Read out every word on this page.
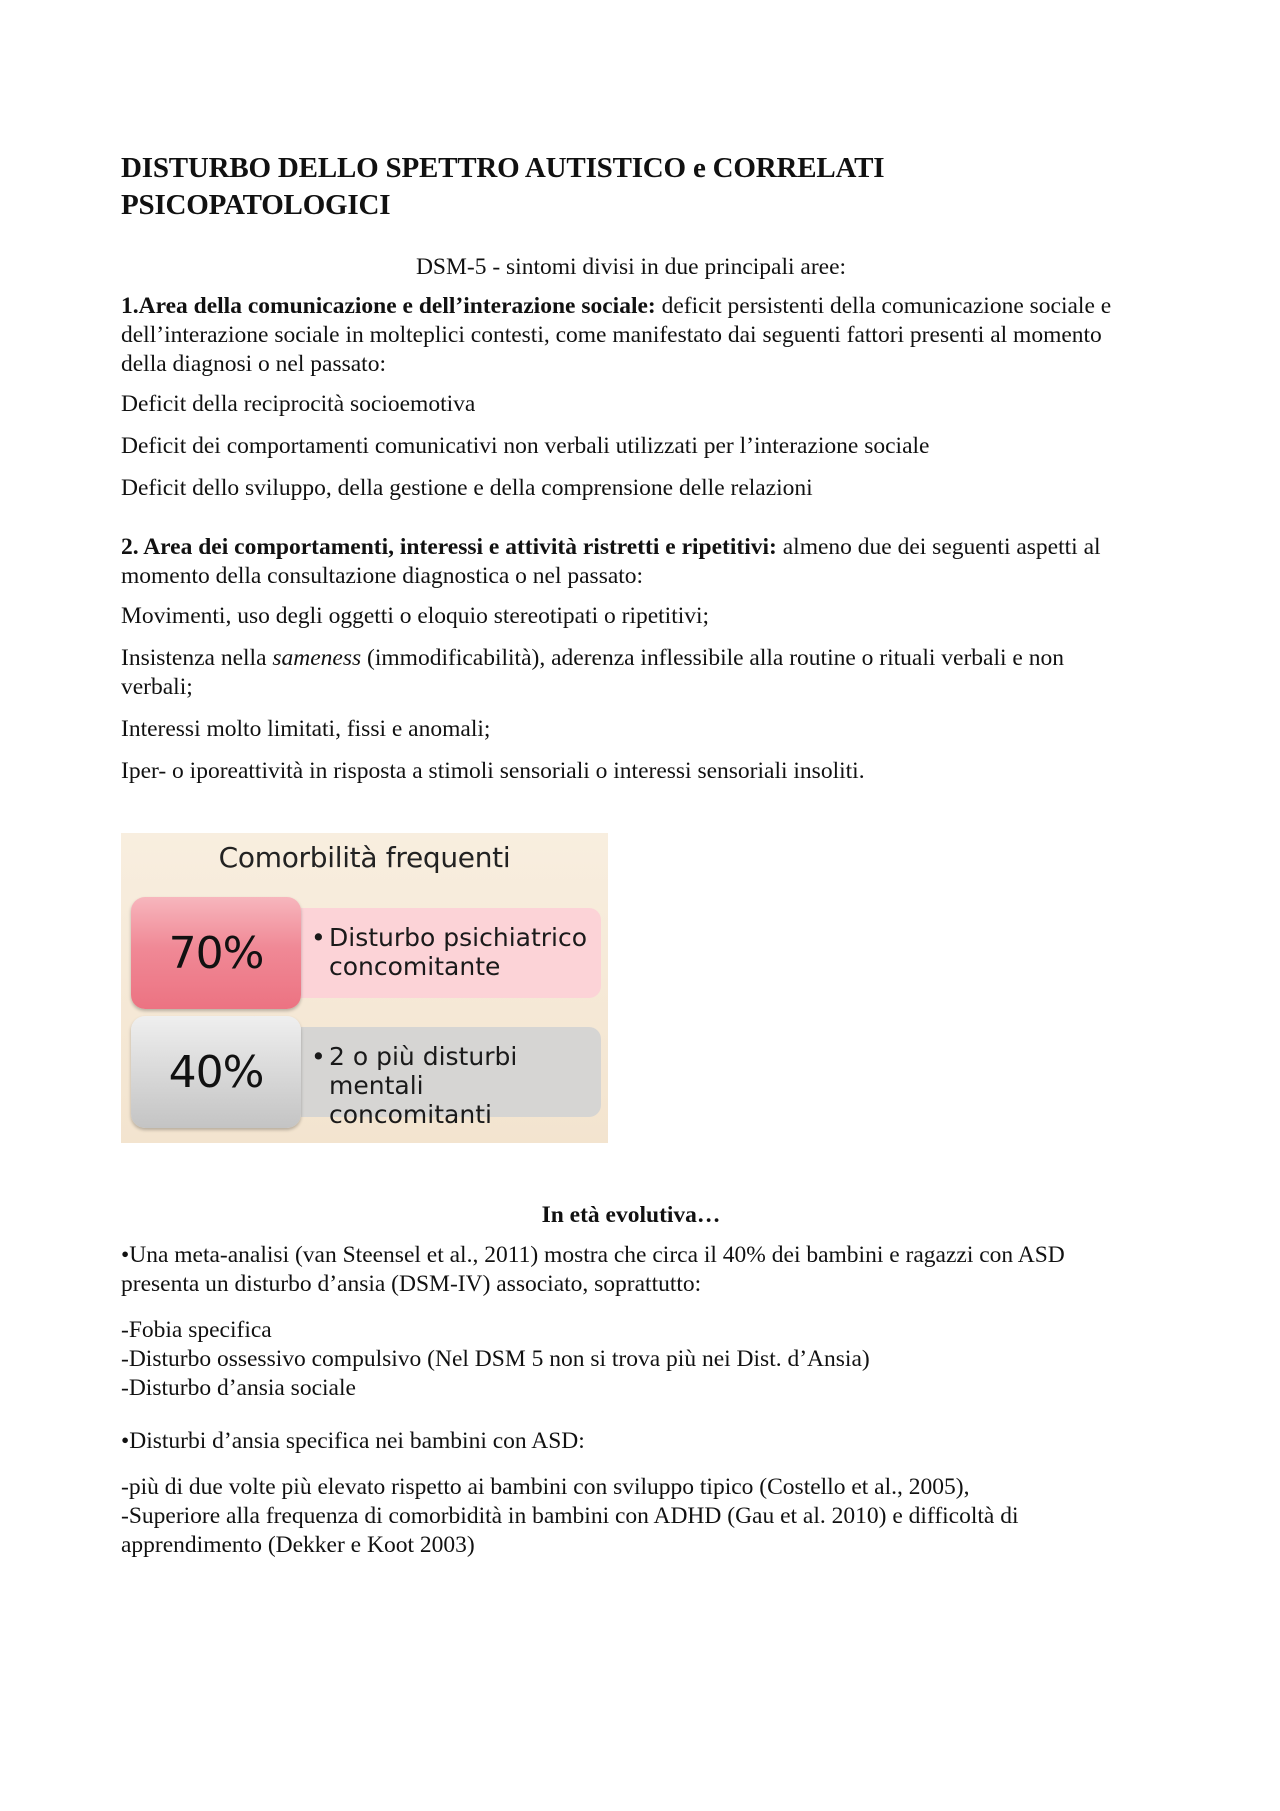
DISTURBO DELLO SPETTRO AUTISTICO e CORRELATI
PSICOPATOLOGICI

DSM-5 - sintomi divisi in due principali aree:

1.Area della comunicazione e dell’interazione sociale: deficit persistenti della comunicazione sociale e dell’interazione sociale in molteplici contesti, come manifestato dai seguenti fattori presenti al momento della diagnosi o nel passato:

Deficit della reciprocità socioemotiva

Deficit dei comportamenti comunicativi non verbali utilizzati per l’interazione sociale

Deficit dello sviluppo, della gestione e della comprensione delle relazioni

2. Area dei comportamenti, interessi e attività ristretti e ripetitivi: almeno due dei seguenti aspetti al momento della consultazione diagnostica o nel passato:

Movimenti, uso degli oggetti o eloquio stereotipati o ripetitivi;

Insistenza nella sameness (immodificabilità), aderenza inflessibile alla routine o rituali verbali e non verbali;

Interessi molto limitati, fissi e anomali;

Iper- o iporeattività in risposta a stimoli sensoriali o interessi sensoriali insoliti.

Comorbilità frequenti
• Disturbo psichiatrico
concomitante
70%
• 2 o più disturbi
mentali concomitanti
40%

In età evolutiva…

•Una meta-analisi (van Steensel et al., 2011) mostra che circa il 40% dei bambini e ragazzi con ASD presenta un disturbo d’ansia (DSM-IV) associato, soprattutto:

-Fobia specifica

-Disturbo ossessivo compulsivo (Nel DSM 5 non si trova più nei Dist. d’Ansia)

-Disturbo d’ansia sociale

•Disturbi d’ansia specifica nei bambini con ASD:

-più di due volte più elevato rispetto ai bambini con sviluppo tipico (Costello et al., 2005),

-Superiore alla frequenza di comorbidità in bambini con ADHD (Gau et al. 2010) e difficoltà di apprendimento (Dekker e Koot 2003)
